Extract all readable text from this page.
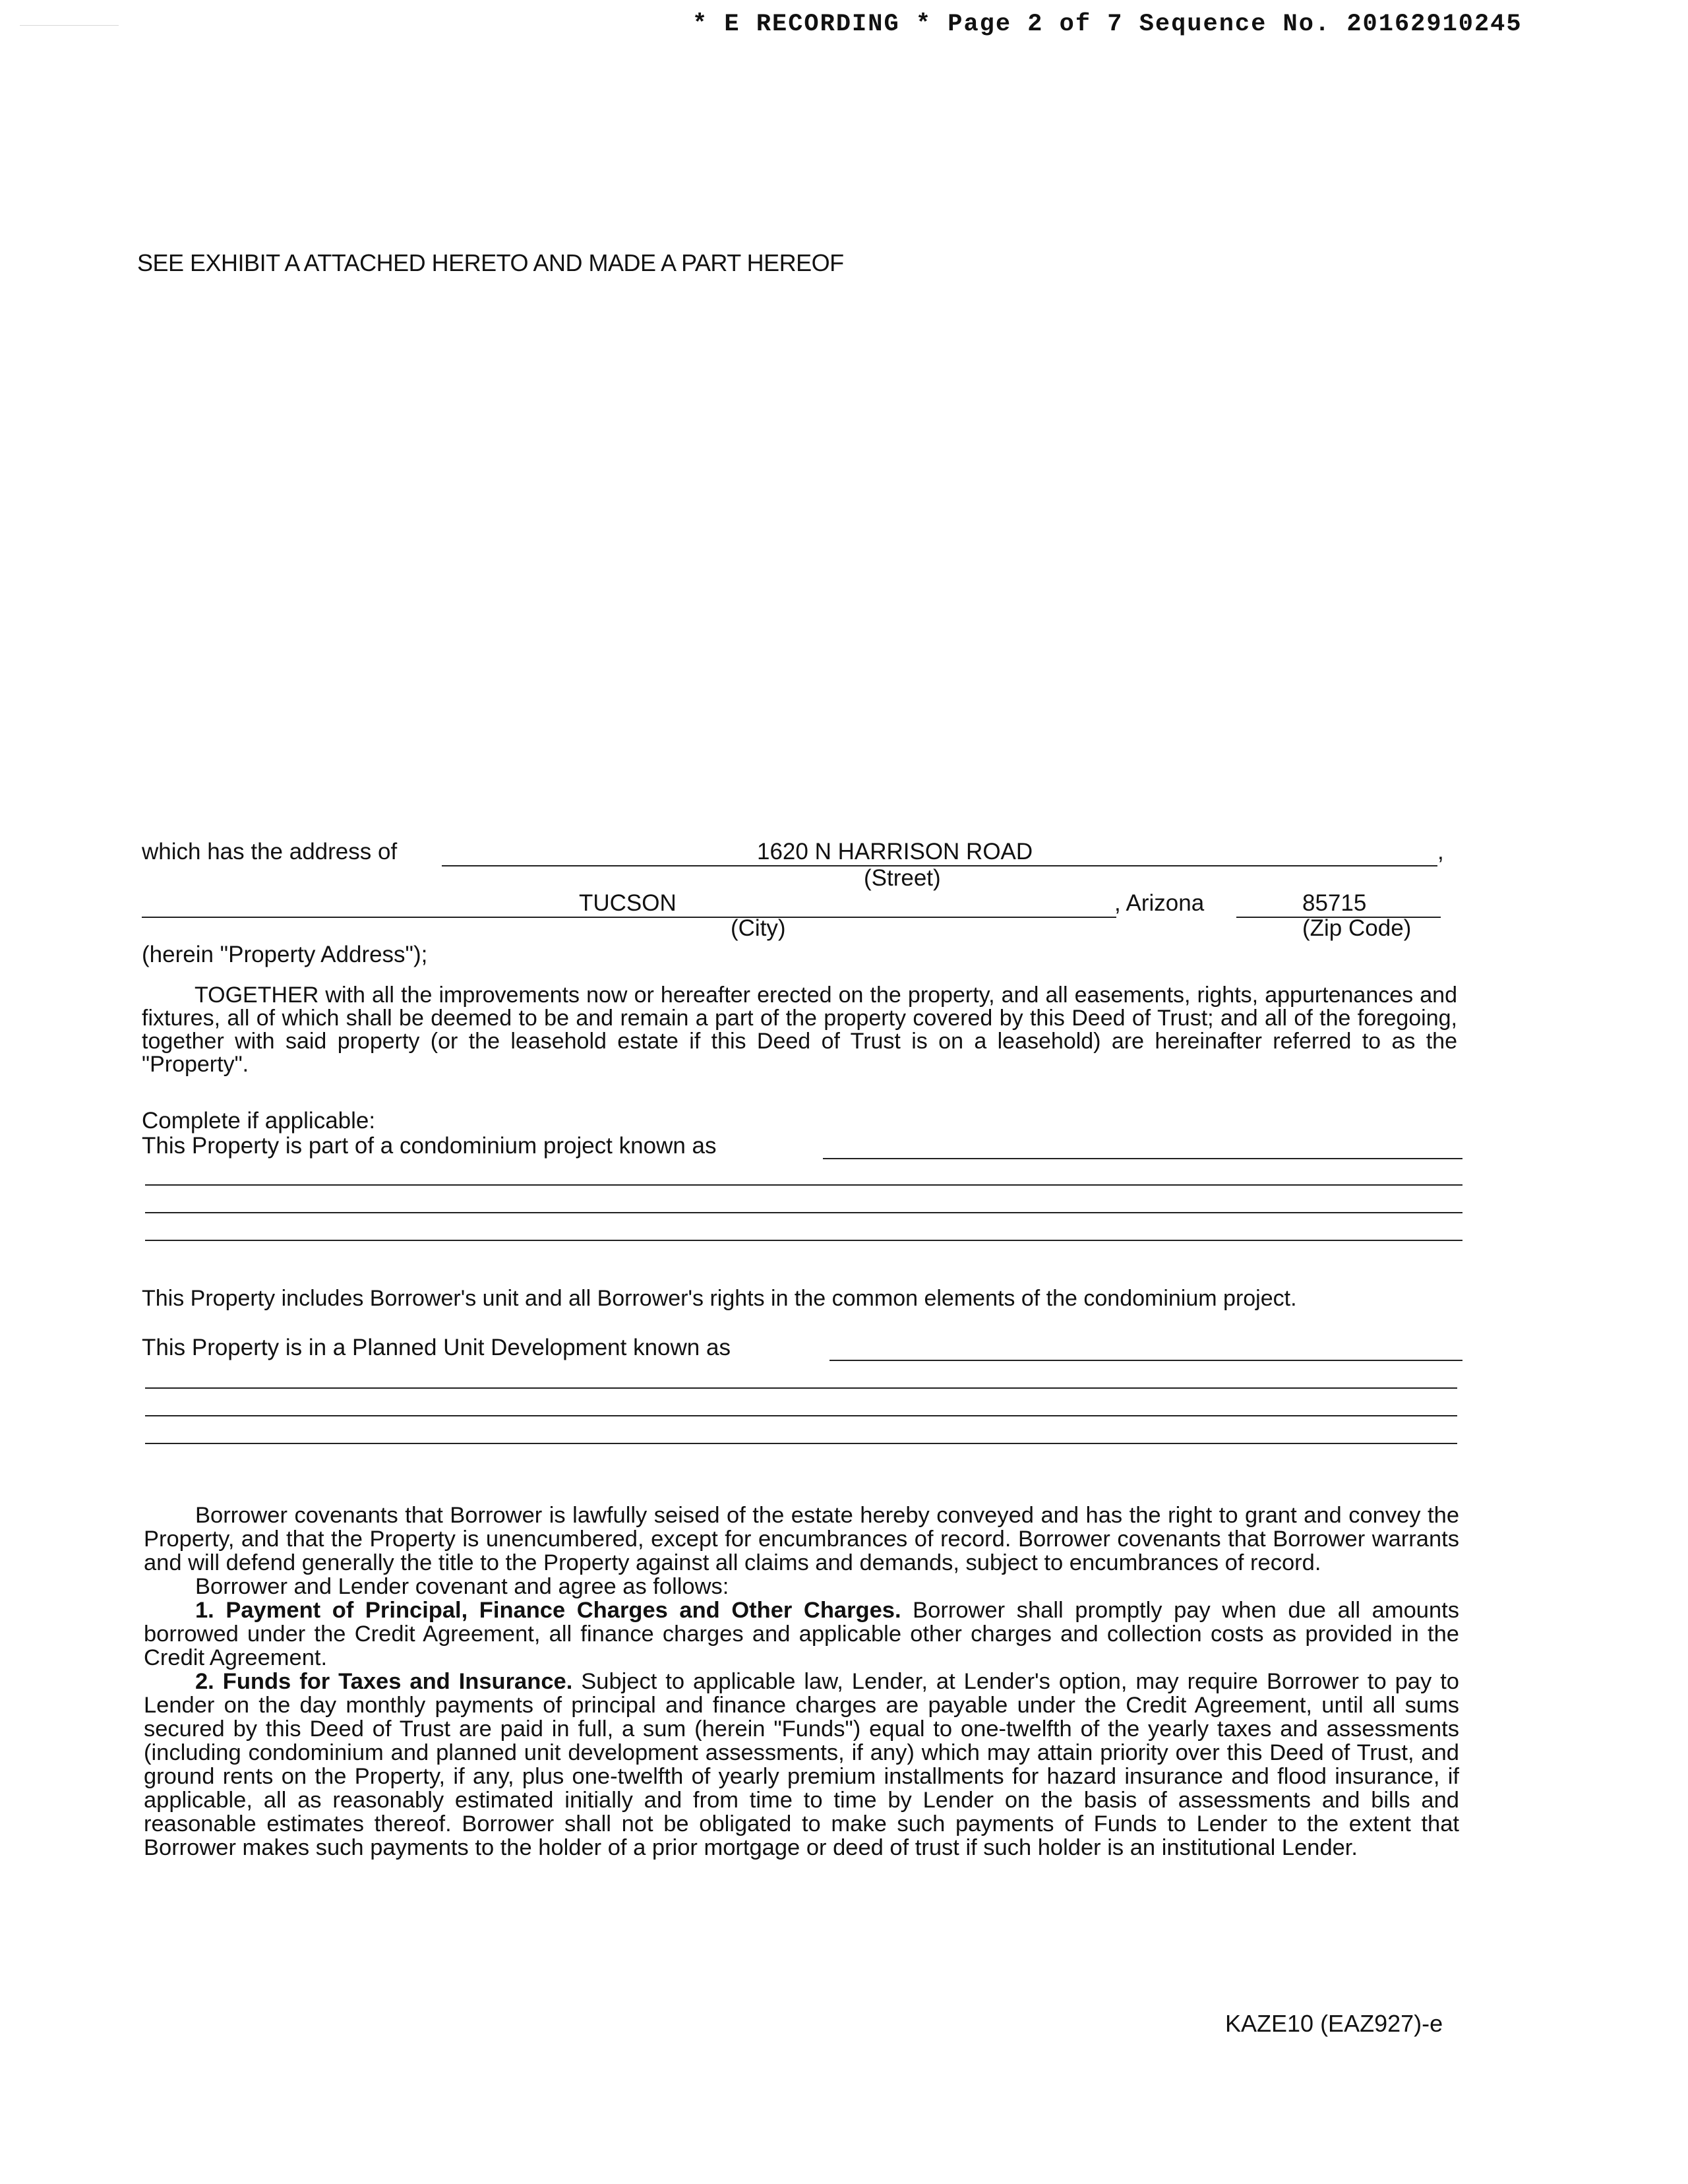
* E RECORDING * Page 2 of 7 Sequence No. 20162910245
SEE EXHIBIT A ATTACHED HERETO AND MADE A PART HEREOF
which has the address of	1620 N HARRISON ROAD	,
(Street)
TUCSON	, Arizona	85715
(City)	(Zip Code)
(herein "Property Address");

TOGETHER with all the improvements now or hereafter erected on the property, and all easements, rights, appurtenances and fixtures, all of which shall be deemed to be and remain a part of the property covered by this Deed of Trust; and all of the foregoing, together with said property (or the leasehold estate if this Deed of Trust is on a leasehold) are hereinafter referred to as the "Property".

Complete if applicable:
This Property is part of a condominium project known as

This Property includes Borrower's unit and all Borrower's rights in the common elements of the condominium project.

This Property is in a Planned Unit Development known as

Borrower covenants that Borrower is lawfully seised of the estate hereby conveyed and has the right to grant and convey the Property, and that the Property is unencumbered, except for encumbrances of record. Borrower covenants that Borrower warrants and will defend generally the title to the Property against all claims and demands, subject to encumbrances of record.

Borrower and Lender covenant and agree as follows:

1. Payment of Principal, Finance Charges and Other Charges. Borrower shall promptly pay when due all amounts borrowed under the Credit Agreement, all finance charges and applicable other charges and collection costs as provided in the Credit Agreement.

2. Funds for Taxes and Insurance. Subject to applicable law, Lender, at Lender's option, may require Borrower to pay to Lender on the day monthly payments of principal and finance charges are payable under the Credit Agreement, until all sums secured by this Deed of Trust are paid in full, a sum (herein "Funds") equal to one-twelfth of the yearly taxes and assessments (including condominium and planned unit development assessments, if any) which may attain priority over this Deed of Trust, and ground rents on the Property, if any, plus one-twelfth of yearly premium installments for hazard insurance and flood insurance, if applicable, all as reasonably estimated initially and from time to time by Lender on the basis of assessments and bills and reasonable estimates thereof. Borrower shall not be obligated to make such payments of Funds to Lender to the extent that Borrower makes such payments to the holder of a prior mortgage or deed of trust if such holder is an institutional Lender.

KAZE10 (EAZ927)-e
